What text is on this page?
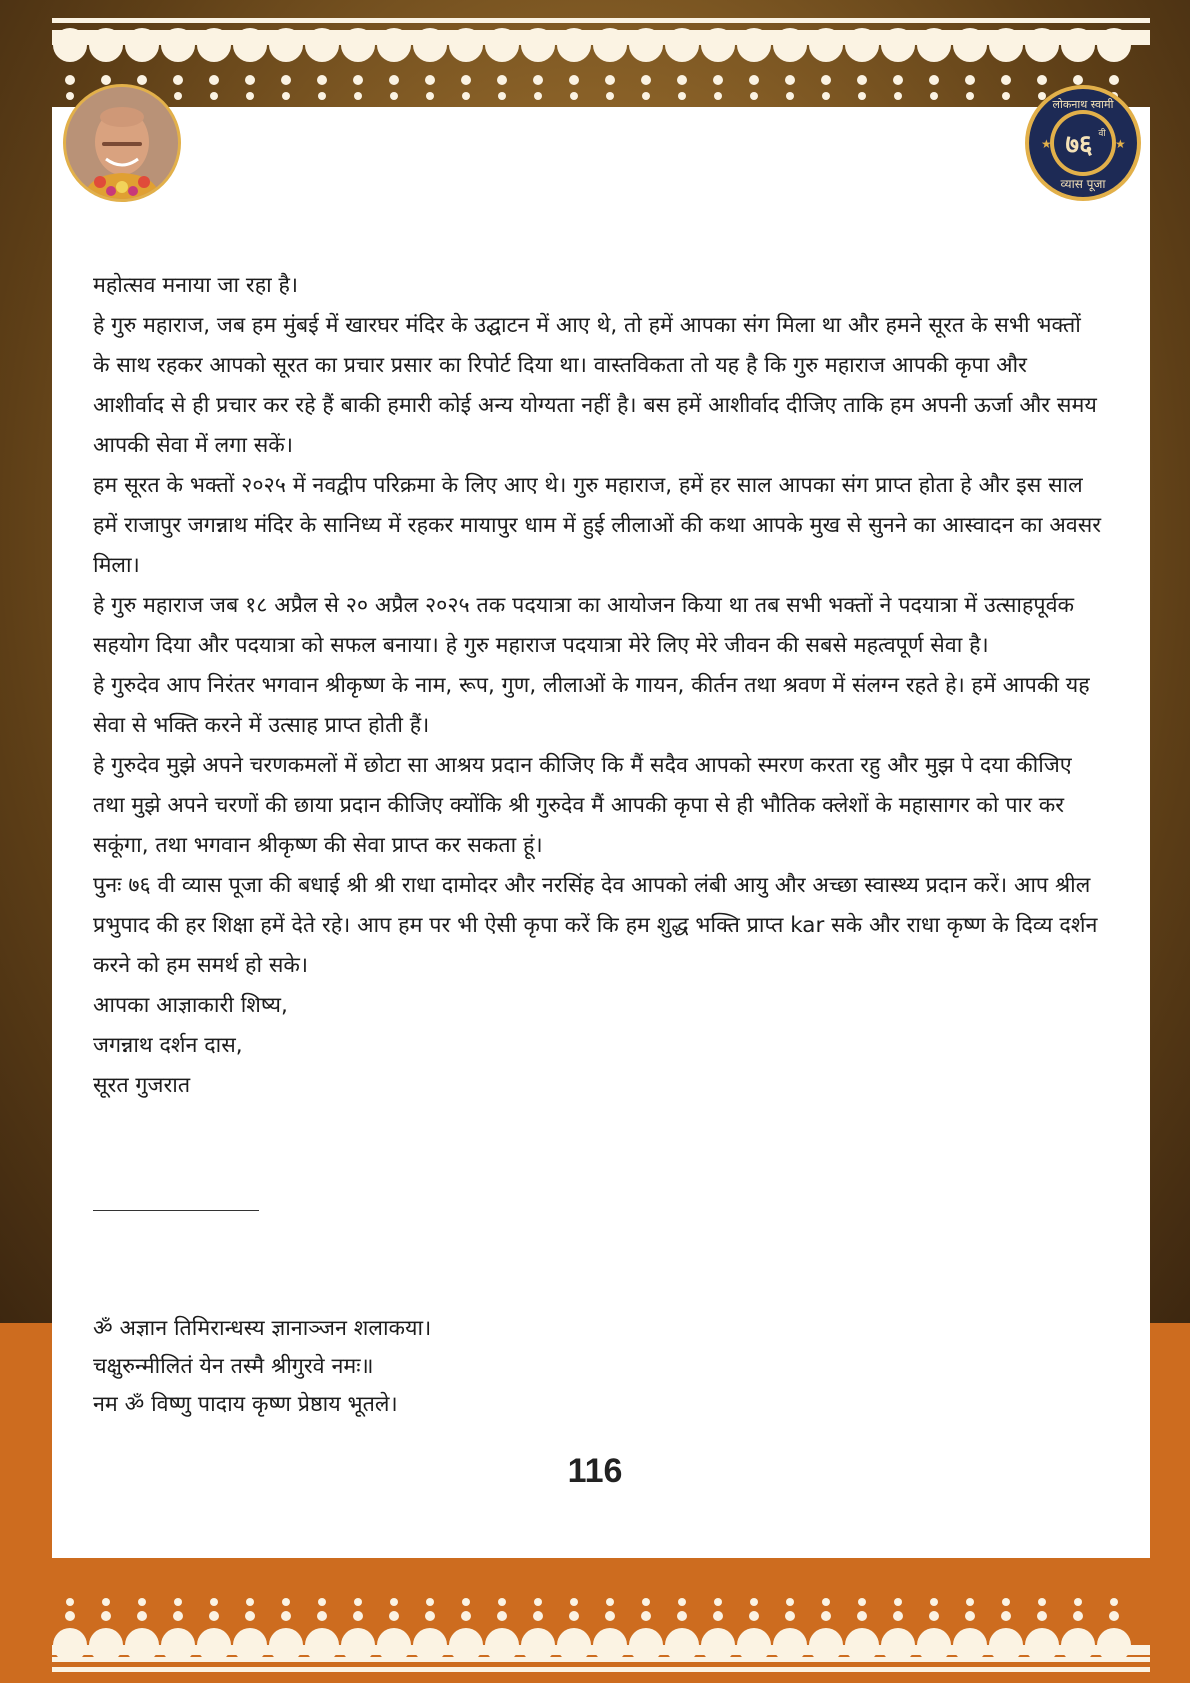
★	★
लोकनाथ स्वामी
७६ वी
व्यास पूजा

महोत्सव मनाया जा रहा है।

हे गुरु महाराज, जब हम मुंबई में खारघर मंदिर के उद्घाटन में आए थे, तो हमें आपका संग मिला था और हमने सूरत के सभी भक्तों के साथ रहकर आपको सूरत का प्रचार प्रसार का रिपोर्ट दिया था। वास्तविकता तो यह है कि गुरु महाराज आपकी कृपा और आशीर्वाद से ही प्रचार कर रहे हैं बाकी हमारी कोई अन्य योग्यता नहीं है। बस हमें आशीर्वाद दीजिए ताकि हम अपनी ऊर्जा और समय आपकी सेवा में लगा सकें।

हम सूरत के भक्तों २०२५ में नवद्वीप परिक्रमा के लिए आए थे। गुरु महाराज, हमें हर साल आपका संग प्राप्त होता हे और इस साल हमें राजापुर जगन्नाथ मंदिर के सानिध्य में रहकर मायापुर धाम में हुई लीलाओं की कथा आपके मुख से सुनने का आस्वादन का अवसर मिला।

हे गुरु महाराज जब १८ अप्रैल से २० अप्रैल २०२५ तक पदयात्रा का आयोजन किया था तब सभी भक्तों ने पदयात्रा में उत्साहपूर्वक सहयोग दिया और पदयात्रा को सफल बनाया। हे गुरु महाराज पदयात्रा मेरे लिए मेरे जीवन की सबसे महत्वपूर्ण सेवा है।

हे गुरुदेव आप निरंतर भगवान श्रीकृष्ण के नाम, रूप, गुण, लीलाओं के गायन, कीर्तन तथा श्रवण में संलग्न रहते हे। हमें आपकी यह सेवा से भक्ति करने में उत्साह प्राप्त होती हैं।

हे गुरुदेव मुझे अपने चरणकमलों में छोटा सा आश्रय प्रदान कीजिए कि मैं सदैव आपको स्मरण करता रहु और मुझ पे दया कीजिए तथा मुझे अपने चरणों की छाया प्रदान कीजिए क्योंकि श्री गुरुदेव मैं आपकी कृपा से ही भौतिक क्लेशों के महासागर को पार कर सकूंगा, तथा भगवान श्रीकृष्ण की सेवा प्राप्त कर सकता हूं।

पुनः ७६ वी व्यास पूजा की बधाई श्री श्री राधा दामोदर और नरसिंह देव आपको लंबी आयु और अच्छा स्वास्थ्य प्रदान करें। आप श्रील प्रभुपाद की हर शिक्षा हमें देते रहे। आप हम पर भी ऐसी कृपा करें कि हम शुद्ध भक्ति प्राप्त kar सके और राधा कृष्ण के दिव्य दर्शन करने को हम समर्थ हो सके।

आपका आज्ञाकारी शिष्य,

जगन्नाथ दर्शन दास,

सूरत गुजरात

ॐ अज्ञान तिमिरान्धस्य ज्ञानाञ्जन शलाकया।

चक्षुरुन्मीलितं येन तस्मै श्रीगुरवे नमः॥

नम ॐ विष्णु पादाय कृष्ण प्रेष्ठाय भूतले।

116
